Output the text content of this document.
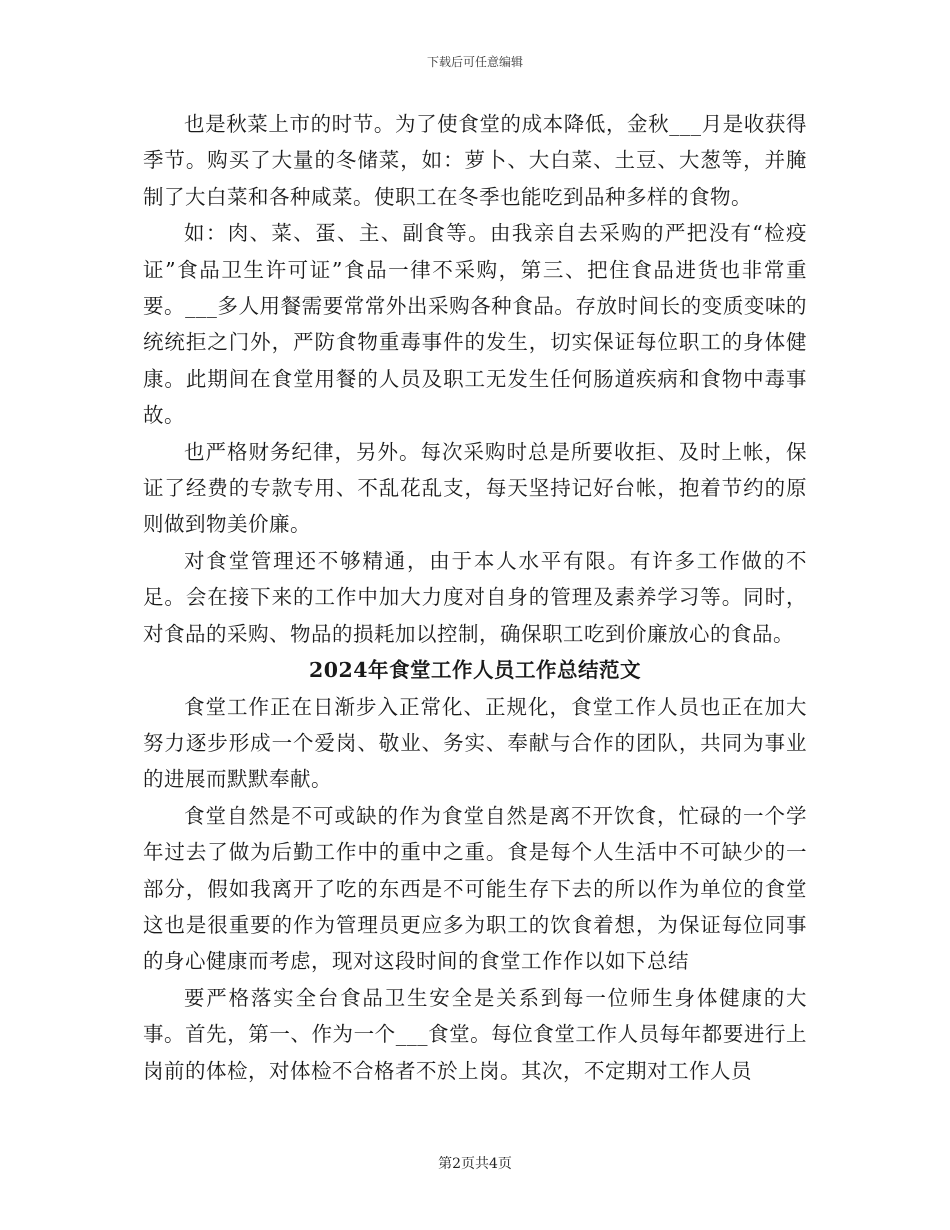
下载后可任意编辑

也是秋菜上市的时节。为了使食堂的成本降低，金秋___月是收获得季节。购买了大量的冬储菜，如：萝卜、大白菜、土豆、大葱等，并腌制了大白菜和各种咸菜。使职工在冬季也能吃到品种多样的食物。

如：肉、菜、蛋、主、副食等。由我亲自去采购的严把没有“检疫证”食品卫生许可证”食品一律不采购，第三、把住食品进货也非常重要。___多人用餐需要常常外出采购各种食品。存放时间长的变质变味的统统拒之门外，严防食物重毒事件的发生，切实保证每位职工的身体健康。此期间在食堂用餐的人员及职工无发生任何肠道疾病和食物中毒事故。

也严格财务纪律，另外。每次采购时总是所要收拒、及时上帐，保证了经费的专款专用、不乱花乱支，每天坚持记好台帐，抱着节约的原则做到物美价廉。

对食堂管理还不够精通，由于本人水平有限。有许多工作做的不足。会在接下来的工作中加大力度对自身的管理及素养学习等。同时，对食品的采购、物品的损耗加以控制，确保职工吃到价廉放心的食品。

2024年食堂工作人员工作总结范文

食堂工作正在日渐步入正常化、正规化，食堂工作人员也正在加大努力逐步形成一个爱岗、敬业、务实、奉献与合作的团队，共同为事业的进展而默默奉献。

食堂自然是不可或缺的作为食堂自然是离不开饮食，忙碌的一个学年过去了做为后勤工作中的重中之重。食是每个人生活中不可缺少的一部分，假如我离开了吃的东西是不可能生存下去的所以作为单位的食堂这也是很重要的作为管理员更应多为职工的饮食着想，为保证每位同事的身心健康而考虑，现对这段时间的食堂工作作以如下总结

要严格落实全台食品卫生安全是关系到每一位师生身体健康的大事。首先，第一、作为一个___食堂。每位食堂工作人员每年都要进行上岗前的体检，对体检不合格者不於上岗。其次，不定期对工作人员

第2页共4页
